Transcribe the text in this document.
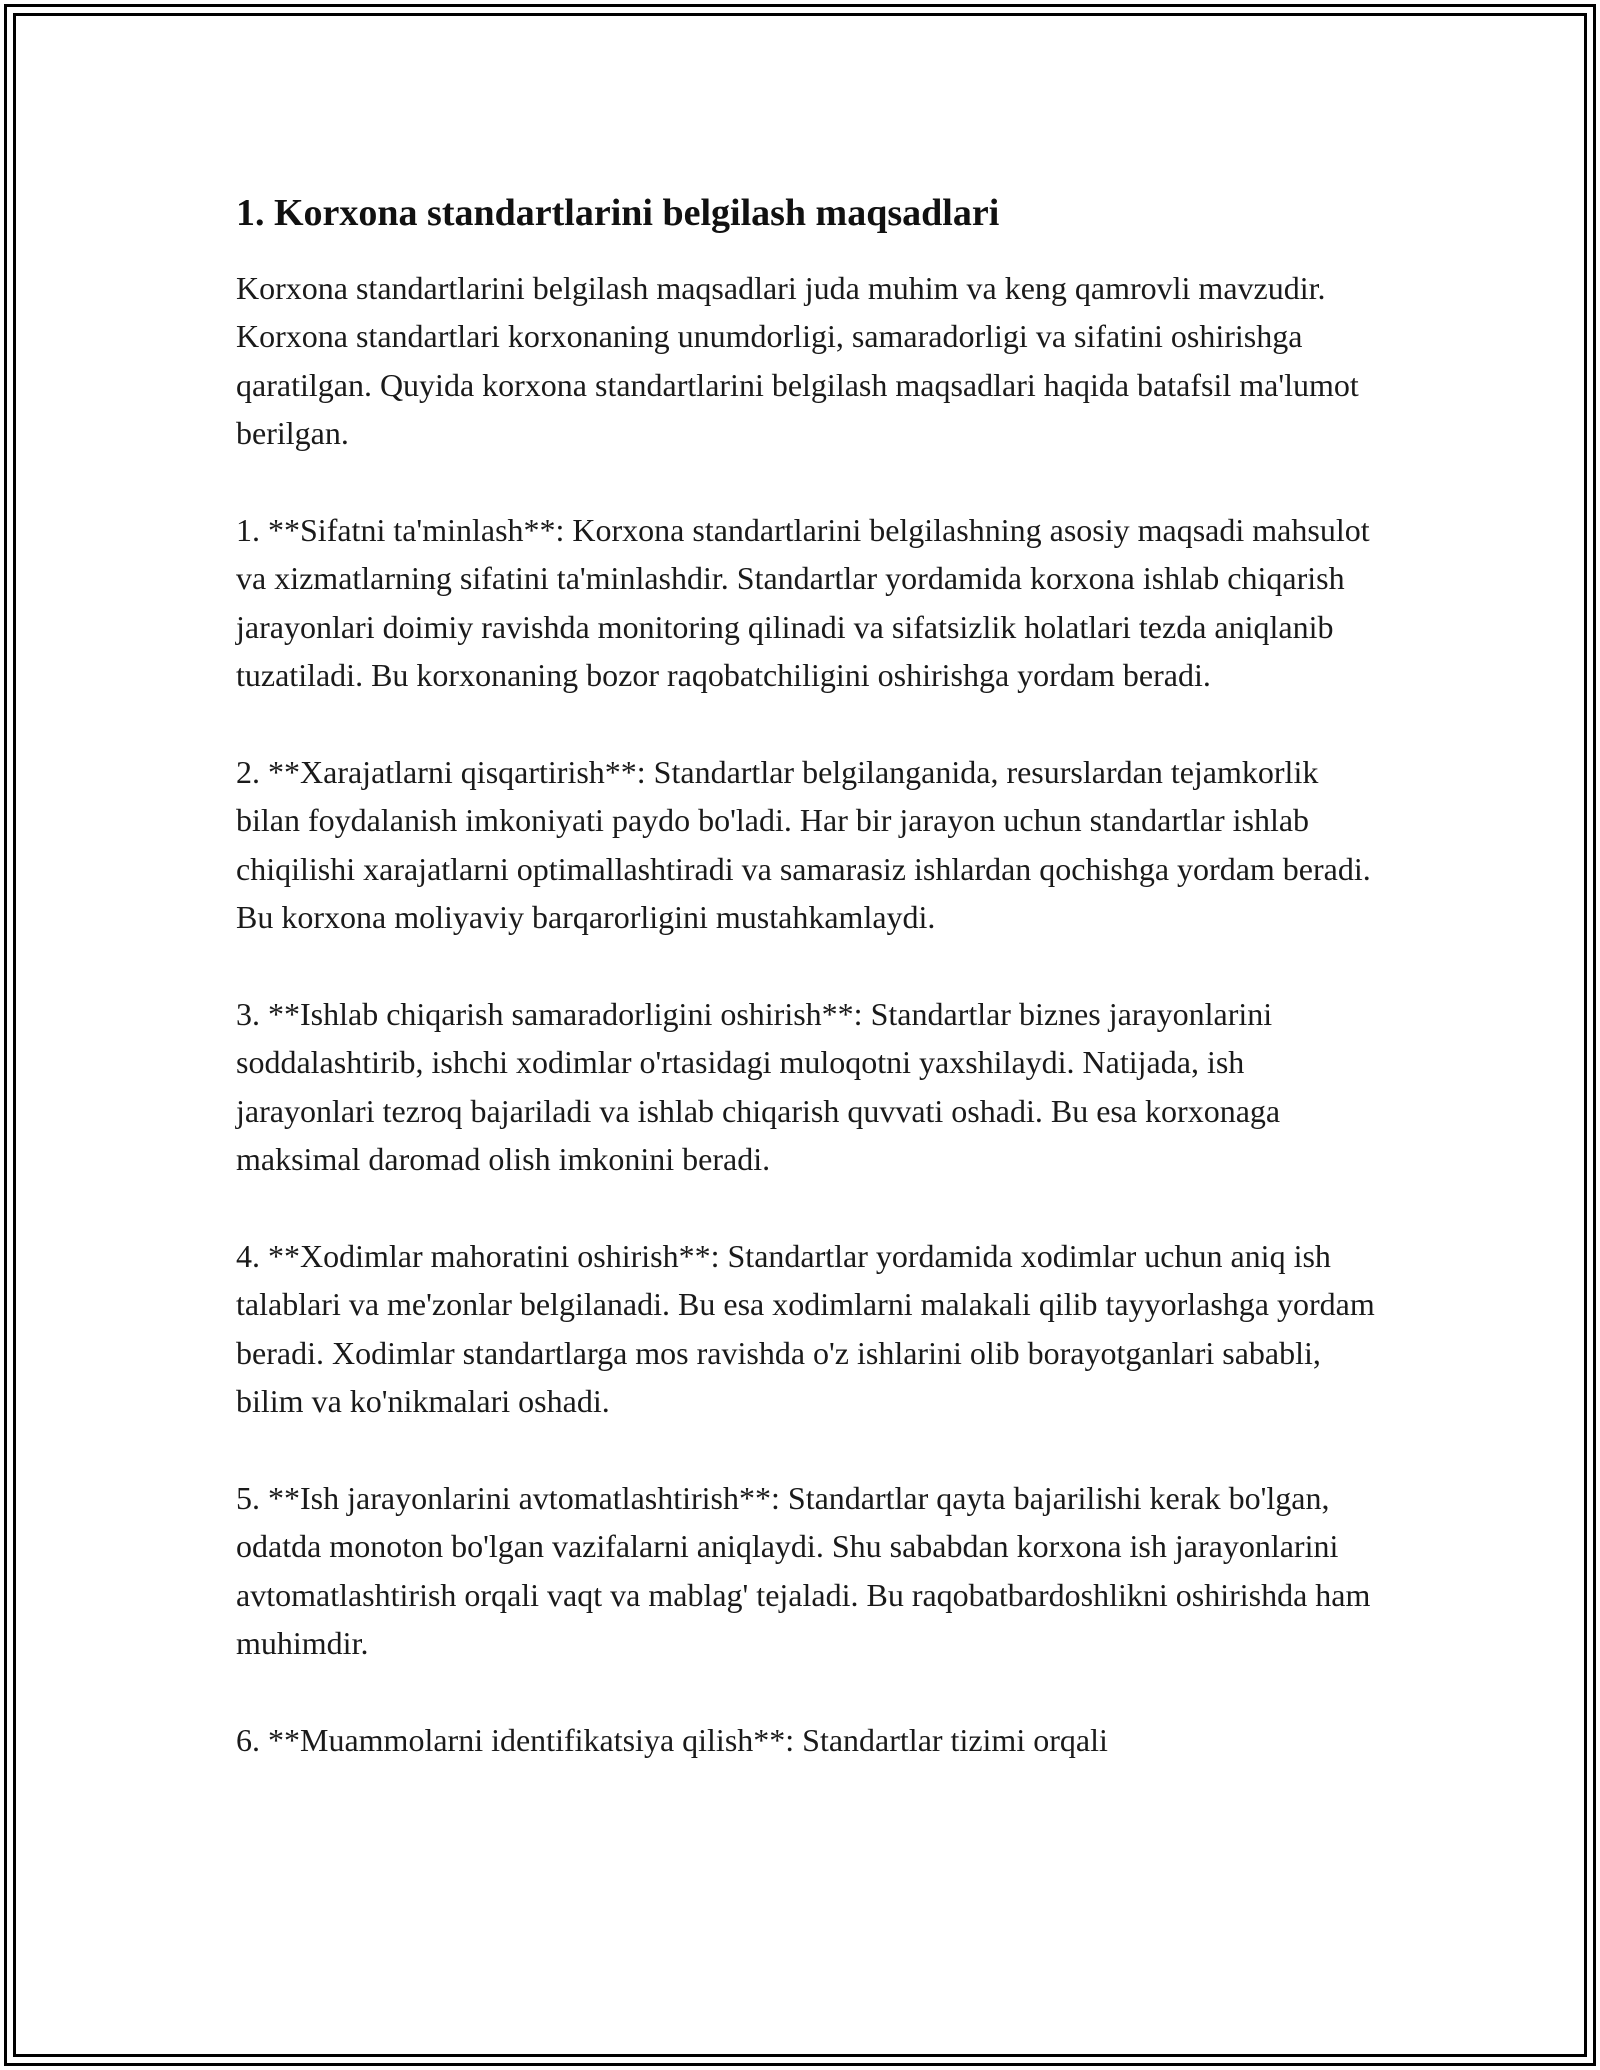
1. Korxona standartlarini belgilash maqsadlari

Korxona standartlarini belgilash maqsadlari juda muhim va keng qamrovli mavzudir. Korxona standartlari korxonaning unumdorligi, samaradorligi va sifatini oshirishga qaratilgan. Quyida korxona standartlarini belgilash maqsadlari haqida batafsil ma'lumot berilgan.

1. **Sifatni ta'minlash**: Korxona standartlarini belgilashning asosiy maqsadi mahsulot va xizmatlarning sifatini ta'minlashdir. Standartlar yordamida korxona ishlab chiqarish jarayonlari doimiy ravishda monitoring qilinadi va sifatsizlik holatlari tezda aniqlanib tuzatiladi. Bu korxonaning bozor raqobatchiligini oshirishga yordam beradi.

2. **Xarajatlarni qisqartirish**: Standartlar belgilanganida, resurslardan tejamkorlik bilan foydalanish imkoniyati paydo bo'ladi. Har bir jarayon uchun standartlar ishlab chiqilishi xarajatlarni optimallashtiradi va samarasiz ishlardan qochishga yordam beradi. Bu korxona moliyaviy barqarorligini mustahkamlaydi.

3. **Ishlab chiqarish samaradorligini oshirish**: Standartlar biznes jarayonlarini soddalashtirib, ishchi xodimlar o'rtasidagi muloqotni yaxshilaydi. Natijada, ish jarayonlari tezroq bajariladi va ishlab chiqarish quvvati oshadi. Bu esa korxonaga maksimal daromad olish imkonini beradi.

4. **Xodimlar mahoratini oshirish**: Standartlar yordamida xodimlar uchun aniq ish talablari va me'zonlar belgilanadi. Bu esa xodimlarni malakali qilib tayyorlashga yordam beradi. Xodimlar standartlarga mos ravishda o'z ishlarini olib borayotganlari sababli, bilim va ko'nikmalari oshadi.

5. **Ish jarayonlarini avtomatlashtirish**: Standartlar qayta bajarilishi kerak bo'lgan, odatda monoton bo'lgan vazifalarni aniqlaydi. Shu sababdan korxona ish jarayonlarini avtomatlashtirish orqali vaqt va mablag' tejaladi. Bu raqobatbardoshlikni oshirishda ham muhimdir.

6. **Muammolarni identifikatsiya qilish**: Standartlar tizimi orqali
